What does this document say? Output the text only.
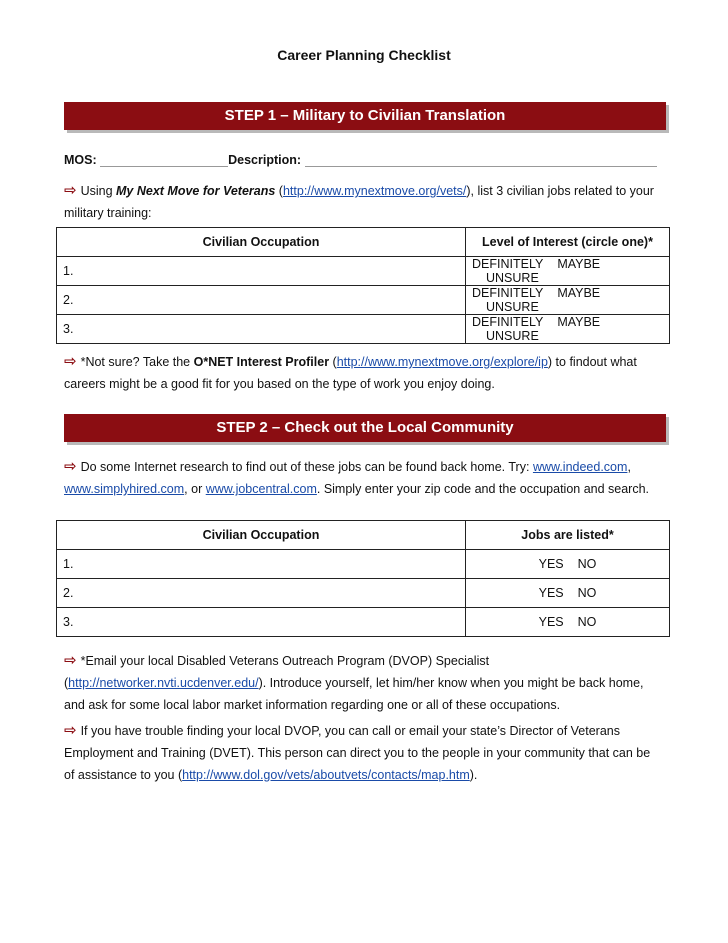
Career Planning Checklist
STEP 1 – Military to Civilian Translation
MOS:	Description:
⇨ Using My Next Move for Veterans (http://www.mynextmove.org/vets/), list 3 civilian jobs related to your military training:
Civilian Occupation	Level of Interest (circle one)*
1.	DEFINITELY MAYBEUNSURE
2.	DEFINITELY MAYBEUNSURE
3.	DEFINITELY MAYBEUNSURE
⇨ *Not sure? Take the O*NET Interest Profiler (http://www.mynextmove.org/explore/ip) to findout what careers might be a good fit for you based on the type of work you enjoy doing.
STEP 2 – Check out the Local Community
⇨ Do some Internet research to find out of these jobs can be found back home. Try: www.indeed.com, www.simplyhired.com, or www.jobcentral.com. Simply enter your zip code and the occupation and search.
Civilian Occupation	Jobs are listed*
1.	YES NO
2.	YES NO
3.	YES NO
⇨ *Email your local Disabled Veterans Outreach Program (DVOP) Specialist (http://networker.nvti.ucdenver.edu/). Introduce yourself, let him/her know when you might be back home, and ask for some local labor market information regarding one or all of these occupations.
⇨ If you have trouble finding your local DVOP, you can call or email your state’s Director of Veterans Employment and Training (DVET). This person can direct you to the people in your community that can be of assistance to you (http://www.dol.gov/vets/aboutvets/contacts/map.htm).
